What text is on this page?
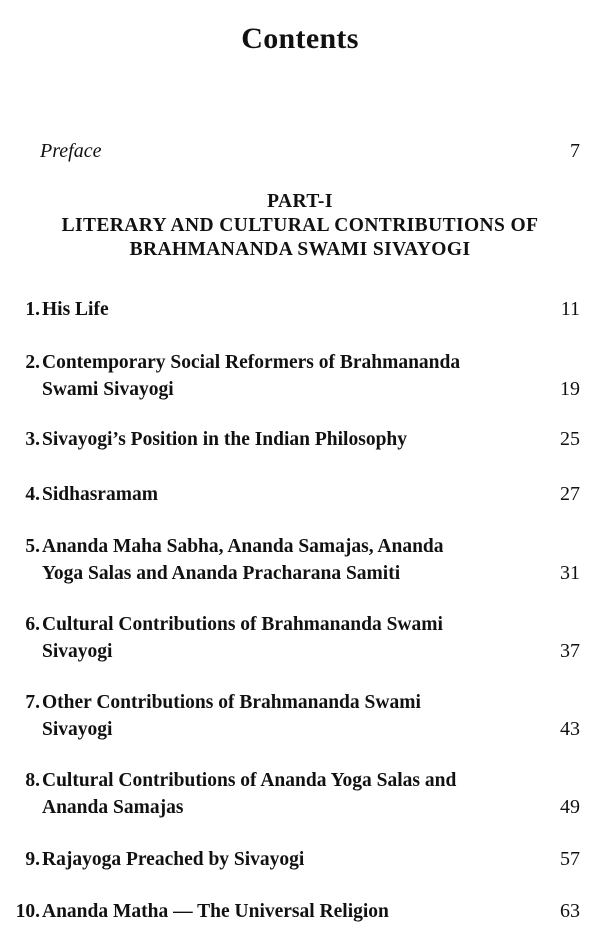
Contents
Preface	7
PART-I
LITERARY AND CULTURAL CONTRIBUTIONS OF
BRAHMANANDA SWAMI SIVAYOGI
1. His Life	11
2. Contemporary Social Reformers of Brahmananda
Swami Sivayogi	19
3. Sivayogi’s Position in the Indian Philosophy	25
4. Sidhasramam	27
5. Ananda Maha Sabha, Ananda Samajas, Ananda
Yoga Salas and Ananda Pracharana Samiti	31
6. Cultural Contributions of Brahmananda Swami
Sivayogi	37
7. Other Contributions of Brahmananda Swami
Sivayogi	43
8. Cultural Contributions of Ananda Yoga Salas and
Ananda Samajas	49
9. Rajayoga Preached by Sivayogi	57
10. Ananda Matha — The Universal Religion	63
